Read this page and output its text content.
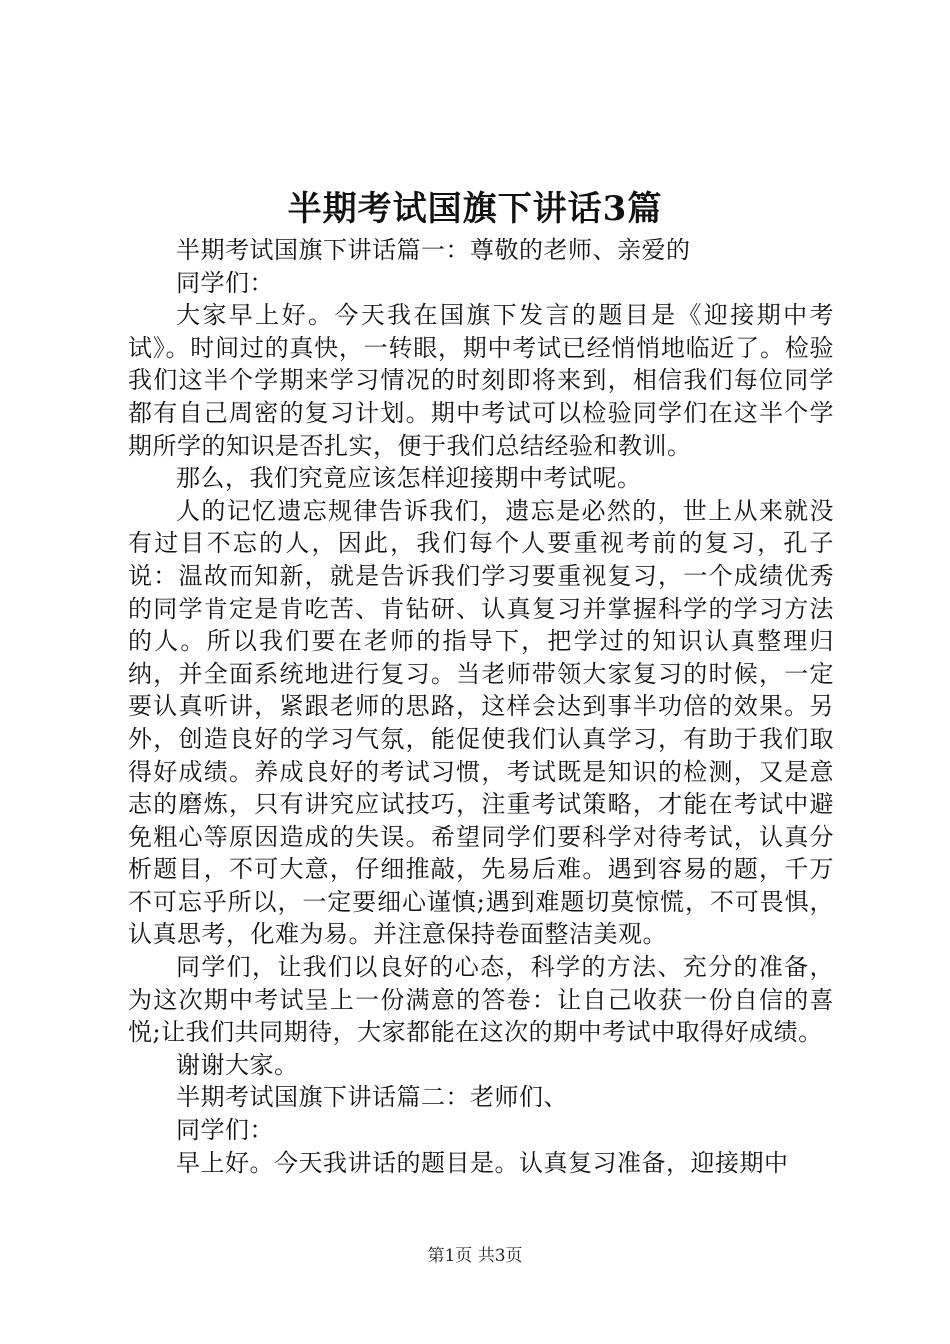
半期考试国旗下讲话3篇

半期考试国旗下讲话篇一：尊敬的老师、亲爱的

同学们：

大家早上好。今天我在国旗下发言的题目是《迎接期中考试》。时间过的真快，一转眼，期中考试已经悄悄地临近了。检验我们这半个学期来学习情况的时刻即将来到，相信我们每位同学都有自己周密的复习计划。期中考试可以检验同学们在这半个学期所学的知识是否扎实，便于我们总结经验和教训。

那么，我们究竟应该怎样迎接期中考试呢。

人的记忆遗忘规律告诉我们，遗忘是必然的，世上从来就没有过目不忘的人，因此，我们每个人要重视考前的复习，孔子说：温故而知新，就是告诉我们学习要重视复习，一个成绩优秀的同学肯定是肯吃苦、肯钻研、认真复习并掌握科学的学习方法的人。所以我们要在老师的指导下，把学过的知识认真整理归纳，并全面系统地进行复习。当老师带领大家复习的时候，一定要认真听讲，紧跟老师的思路，这样会达到事半功倍的效果。另外，创造良好的学习气氛，能促使我们认真学习，有助于我们取得好成绩。养成良好的考试习惯，考试既是知识的检测，又是意志的磨炼，只有讲究应试技巧，注重考试策略，才能在考试中避免粗心等原因造成的失误。希望同学们要科学对待考试，认真分析题目，不可大意，仔细推敲，先易后难。遇到容易的题，千万不可忘乎所以，一定要细心谨慎;遇到难题切莫惊慌，不可畏惧，认真思考，化难为易。并注意保持卷面整洁美观。

同学们，让我们以良好的心态，科学的方法、充分的准备，为这次期中考试呈上一份满意的答卷：让自己收获一份自信的喜悦;让我们共同期待，大家都能在这次的期中考试中取得好成绩。

谢谢大家。

半期考试国旗下讲话篇二：老师们、

同学们：

早上好。今天我讲话的题目是。认真复习准备，迎接期中

第1页 共3页
